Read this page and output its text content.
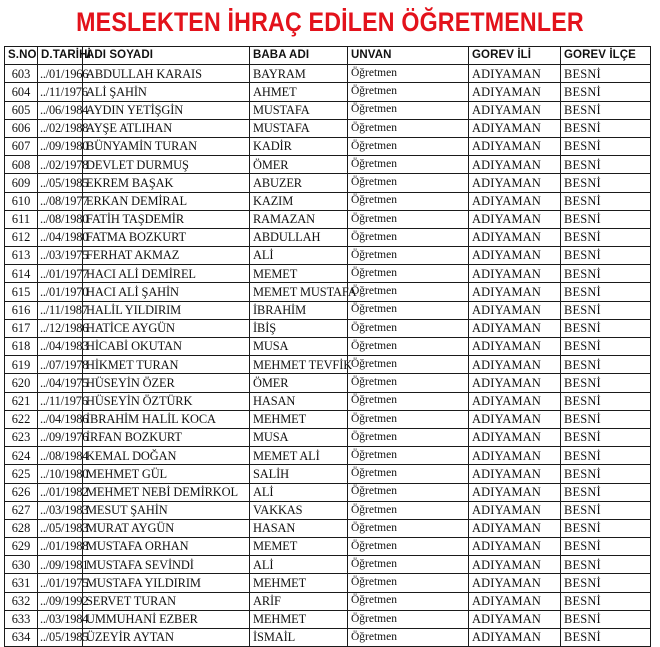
MESLEKTEN İHRAÇ EDİLEN ÖĞRETMENLER
S.NO	D.TARİHİ	ADI SOYADI	BABA ADI	UNVAN	GOREV İLİ	GOREV İLÇE
603	../01/1966	ABDULLAH KARAIS	BAYRAM	Öğretmen	ADIYAMAN	BESNİ
604	../11/1976	ALİ ŞAHİN	AHMET	Öğretmen	ADIYAMAN	BESNİ
605	../06/1984	AYDIN YETİŞGİN	MUSTAFA	Öğretmen	ADIYAMAN	BESNİ
606	../02/1988	AYŞE ATLIHAN	MUSTAFA	Öğretmen	ADIYAMAN	BESNİ
607	../09/1980	BÜNYAMİN TURAN	KADİR	Öğretmen	ADIYAMAN	BESNİ
608	../02/1978	DEVLET DURMUŞ	ÖMER	Öğretmen	ADIYAMAN	BESNİ
609	../05/1985	EKREM BAŞAK	ABUZER	Öğretmen	ADIYAMAN	BESNİ
610	../08/1977	ERKAN DEMİRAL	KAZIM	Öğretmen	ADIYAMAN	BESNİ
611	../08/1980	FATİH TAŞDEMİR	RAMAZAN	Öğretmen	ADIYAMAN	BESNİ
612	../04/1980	FATMA BOZKURT	ABDULLAH	Öğretmen	ADIYAMAN	BESNİ
613	../03/1975	FERHAT AKMAZ	ALİ	Öğretmen	ADIYAMAN	BESNİ
614	../01/1977	HACI ALİ DEMİREL	MEMET	Öğretmen	ADIYAMAN	BESNİ
615	../01/1970	HACI ALİ ŞAHİN	MEMET MUSTAFA	Öğretmen	ADIYAMAN	BESNİ
616	../11/1987	HALİL YILDIRIM	İBRAHİM	Öğretmen	ADIYAMAN	BESNİ
617	../12/1986	HATİCE AYGÜN	İBİŞ	Öğretmen	ADIYAMAN	BESNİ
618	../04/1983	HİCABİ OKUTAN	MUSA	Öğretmen	ADIYAMAN	BESNİ
619	../07/1978	HİKMET TURAN	MEHMET TEVFİK	Öğretmen	ADIYAMAN	BESNİ
620	../04/1975	HÜSEYİN ÖZER	ÖMER	Öğretmen	ADIYAMAN	BESNİ
621	../11/1976	HÜSEYİN ÖZTÜRK	HASAN	Öğretmen	ADIYAMAN	BESNİ
622	../04/1986	İBRAHİM HALİL KOCA	MEHMET	Öğretmen	ADIYAMAN	BESNİ
623	../09/1976	İRFAN BOZKURT	MUSA	Öğretmen	ADIYAMAN	BESNİ
624	../08/1984	KEMAL DOĞAN	MEMET ALİ	Öğretmen	ADIYAMAN	BESNİ
625	../10/1980	MEHMET GÜL	SALİH	Öğretmen	ADIYAMAN	BESNİ
626	../01/1982	MEHMET NEBİ DEMİRKOL	ALİ	Öğretmen	ADIYAMAN	BESNİ
627	../03/1983	MESUT ŞAHİN	VAKKAS	Öğretmen	ADIYAMAN	BESNİ
628	../05/1983	MURAT AYGÜN	HASAN	Öğretmen	ADIYAMAN	BESNİ
629	../01/1988	MUSTAFA ORHAN	MEMET	Öğretmen	ADIYAMAN	BESNİ
630	../09/1981	MUSTAFA SEVİNDİ	ALİ	Öğretmen	ADIYAMAN	BESNİ
631	../01/1975	MUSTAFA YILDIRIM	MEHMET	Öğretmen	ADIYAMAN	BESNİ
632	../09/1992	SERVET TURAN	ARİF	Öğretmen	ADIYAMAN	BESNİ
633	../03/1984	UMMUHANİ EZBER	MEHMET	Öğretmen	ADIYAMAN	BESNİ
634	../05/1985	ÜZEYİR AYTAN	İSMAİL	Öğretmen	ADIYAMAN	BESNİ
